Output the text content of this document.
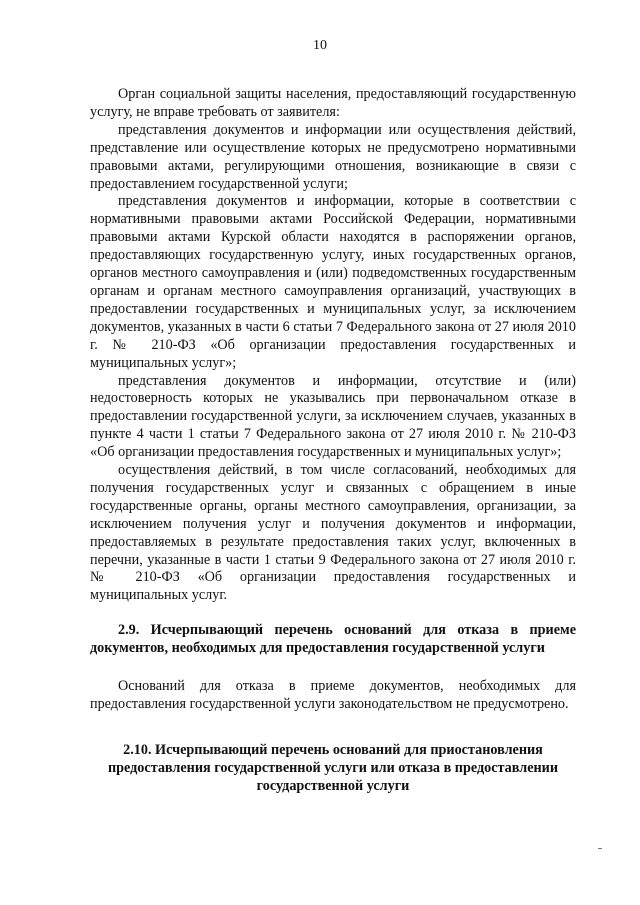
10

Орган социальной защиты населения, предоставляющий государственную услугу, не вправе требовать от заявителя:

представления документов и информации или осуществления действий, представление или осуществление которых не предусмотрено нормативными правовыми актами, регулирующими отношения, возникающие в связи с предоставлением государственной услуги;

представления документов и информации, которые в соответствии с нормативными правовыми актами Российской Федерации, нормативными правовыми актами Курской области находятся в распоряжении органов, предоставляющих государственную услугу, иных государственных органов, органов местного самоуправления и (или) подведомственных государственным органам и органам местного самоуправления организаций, участвующих в предоставлении государственных и муниципальных услуг, за исключением документов, указанных в части 6 статьи 7 Федерального закона от 27 июля 2010 г. № 210-ФЗ «Об организации предоставления государственных и муниципальных услуг»;

представления документов и информации, отсутствие и (или) недостоверность которых не указывались при первоначальном отказе в предоставлении государственной услуги, за исключением случаев, указанных в пункте 4 части 1 статьи 7 Федерального закона от 27 июля 2010 г. № 210-ФЗ «Об организации предоставления государственных и муниципальных услуг»;

осуществления действий, в том числе согласований, необходимых для получения государственных услуг и связанных с обращением в иные государственные органы, органы местного самоуправления, организации, за исключением получения услуг и получения документов и информации, предоставляемых в результате предоставления таких услуг, включенных в перечни, указанные в части 1 статьи 9 Федерального закона от 27 июля 2010 г. № 210-ФЗ «Об организации предоставления государственных и муниципальных услуг.

2.9. Исчерпывающий перечень оснований для отказа в приеме документов, необходимых для предоставления государственной услуги

Оснований для отказа в приеме документов, необходимых для предоставления государственной услуги законодательством не предусмотрено.

2.10. Исчерпывающий перечень оснований для приостановления предоставления государственной услуги или отказа в предоставлении государственной услуги
